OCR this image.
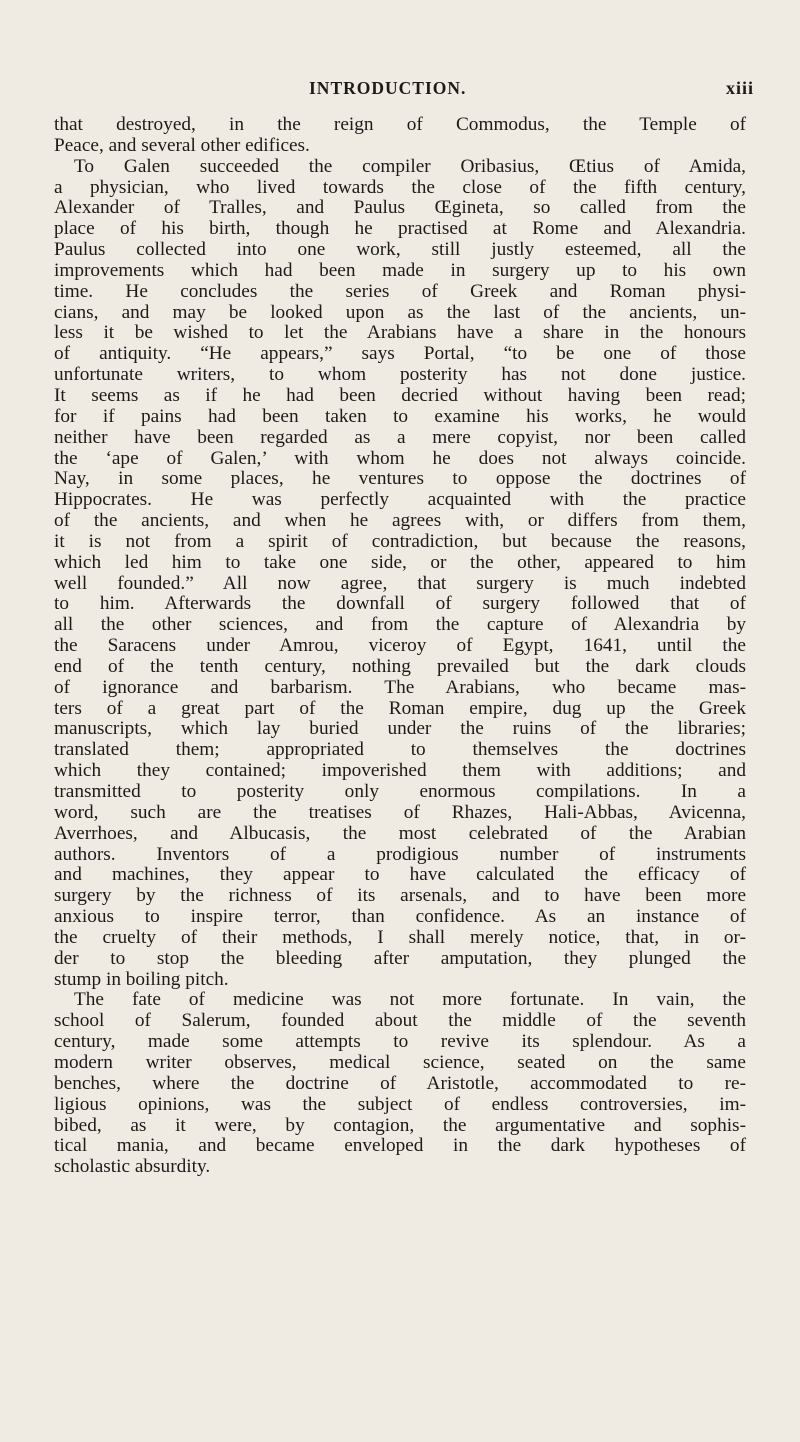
INTRODUCTION.	xiii
that destroyed, in the reign of Commodus, the Temple of
Peace, and several other edifices.
To Galen succeeded the compiler Oribasius, Œtius of Amida,
a physician, who lived towards the close of the fifth century,
Alexander of Tralles, and Paulus Œgineta, so called from the
place of his birth, though he practised at Rome and Alexandria.
Paulus collected into one work, still justly esteemed, all the
improvements which had been made in surgery up to his own
time. He concludes the series of Greek and Roman physi-
cians, and may be looked upon as the last of the ancients, un-
less it be wished to let the Arabians have a share in the honours
of antiquity. “He appears,” says Portal, “to be one of those
unfortunate writers, to whom posterity has not done justice.
It seems as if he had been decried without having been read;
for if pains had been taken to examine his works, he would
neither have been regarded as a mere copyist, nor been called
the ‘ape of Galen,’ with whom he does not always coincide.
Nay, in some places, he ventures to oppose the doctrines of
Hippocrates. He was perfectly acquainted with the practice
of the ancients, and when he agrees with, or differs from them,
it is not from a spirit of contradiction, but because the reasons,
which led him to take one side, or the other, appeared to him
well founded.” All now agree, that surgery is much indebted
to him. Afterwards the downfall of surgery followed that of
all the other sciences, and from the capture of Alexandria by
the Saracens under Amrou, viceroy of Egypt, 1641, until the
end of the tenth century, nothing prevailed but the dark clouds
of ignorance and barbarism. The Arabians, who became mas-
ters of a great part of the Roman empire, dug up the Greek
manuscripts, which lay buried under the ruins of the libraries;
translated them; appropriated to themselves the doctrines
which they contained; impoverished them with additions; and
transmitted to posterity only enormous compilations. In a
word, such are the treatises of Rhazes, Hali-Abbas, Avicenna,
Averrhoes, and Albucasis, the most celebrated of the Arabian
authors. Inventors of a prodigious number of instruments
and machines, they appear to have calculated the efficacy of
surgery by the richness of its arsenals, and to have been more
anxious to inspire terror, than confidence. As an instance of
the cruelty of their methods, I shall merely notice, that, in or-
der to stop the bleeding after amputation, they plunged the
stump in boiling pitch.
The fate of medicine was not more fortunate. In vain, the
school of Salerum, founded about the middle of the seventh
century, made some attempts to revive its splendour. As a
modern writer observes, medical science, seated on the same
benches, where the doctrine of Aristotle, accommodated to re-
ligious opinions, was the subject of endless controversies, im-
bibed, as it were, by contagion, the argumentative and sophis-
tical mania, and became enveloped in the dark hypotheses of
scholastic absurdity.
